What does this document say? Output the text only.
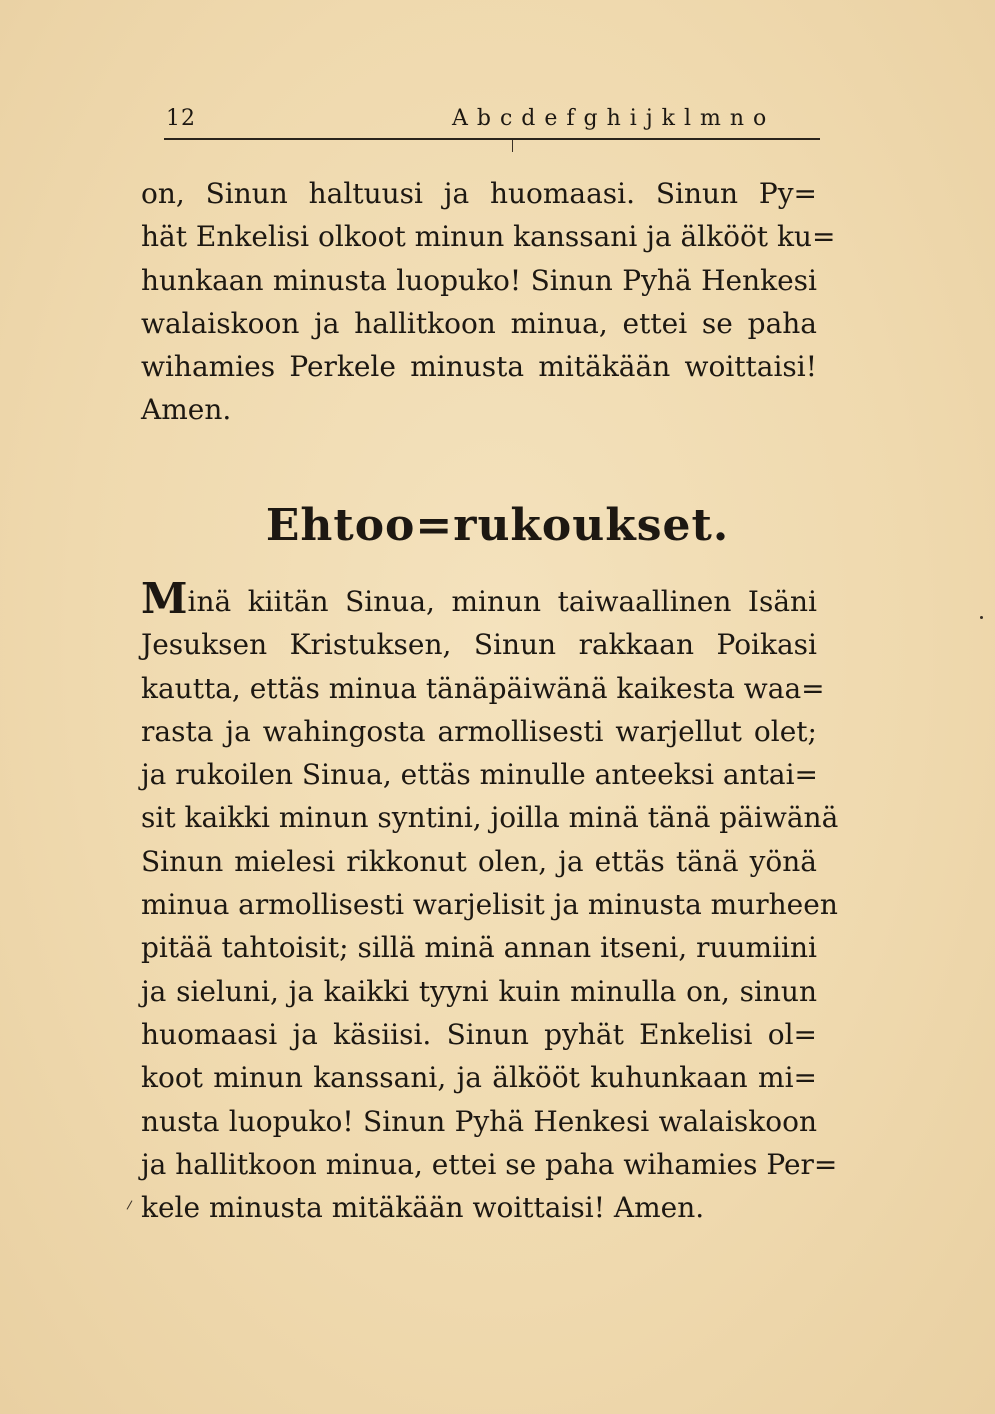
12	Abcdefghijklmno
on, Sinun haltuusi ja huomaasi. Sinun Py=
hät Enkelisi olkoot minun kanssani ja älkööt ku=
hunkaan minusta luopuko! Sinun Pyhä Henkesi
walaiskoon ja hallitkoon minua, ettei se paha
wihamies Perkele minusta mitäkään woittaisi!
Amen.
Ehtoo=rukoukset.
Minä kiitän Sinua, minun taiwaallinen Isäni
Jesuksen Kristuksen, Sinun rakkaan Poikasi
kautta, ettäs minua tänäpäiwänä kaikesta waa=
rasta ja wahingosta armollisesti warjellut olet;
ja rukoilen Sinua, ettäs minulle anteeksi antai=
sit kaikki minun syntini, joilla minä tänä päiwänä
Sinun mielesi rikkonut olen, ja ettäs tänä yönä
minua armollisesti warjelisit ja minusta murheen
pitää tahtoisit; sillä minä annan itseni, ruumiini
ja sieluni, ja kaikki tyyni kuin minulla on, sinun
huomaasi ja käsiisi. Sinun pyhät Enkelisi ol=
koot minun kanssani, ja älkööt kuhunkaan mi=
nusta luopuko! Sinun Pyhä Henkesi walaiskoon
ja hallitkoon minua, ettei se paha wihamies Per=
kele minusta mitäkään woittaisi! Amen.
